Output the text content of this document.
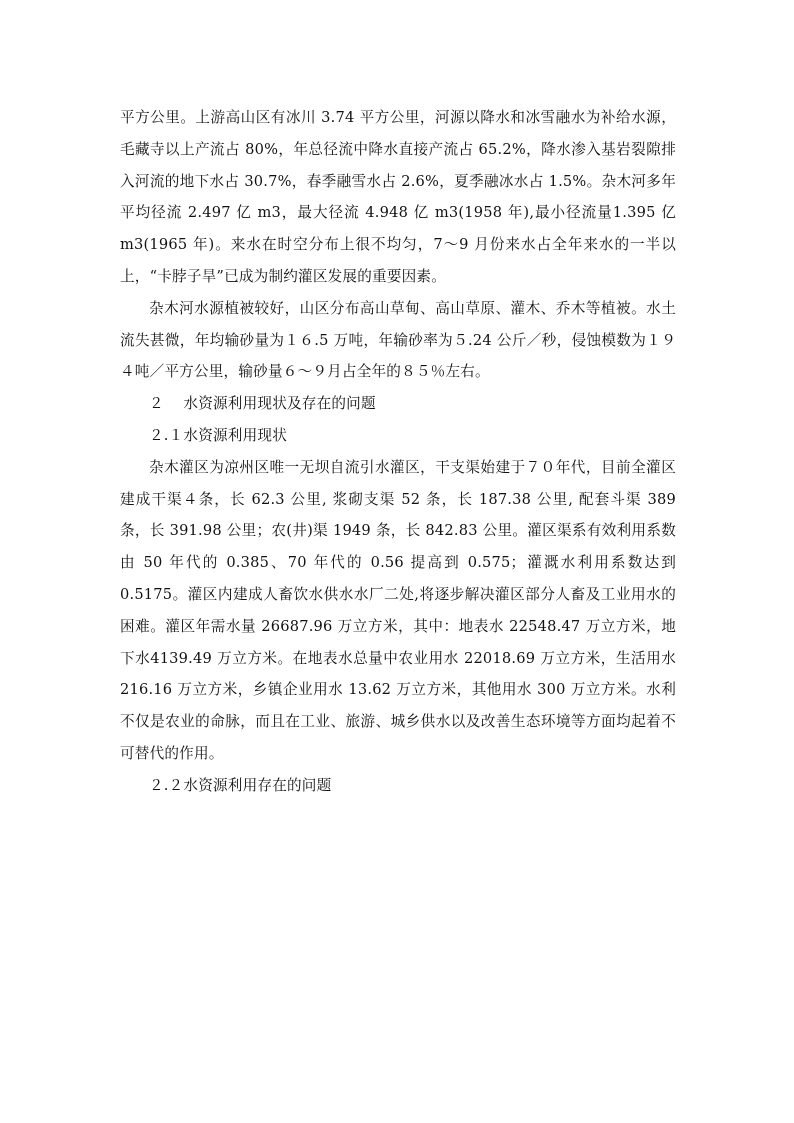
平方公里。上游高山区有冰川 3.74 平方公里，河源以降水和冰雪融水为补给水源，毛藏寺以上产流占 80%，年总径流中降水直接产流占 65.2%，降水渗入基岩裂隙排入河流的地下水占 30.7%，春季融雪水占 2.6%，夏季融冰水占 1.5%。杂木河多年平均径流 2.497 亿 m3，最大径流 4.948 亿 m3(1958 年),最小径流量1.395 亿 m3(1965 年)。来水在时空分布上很不均匀，7～9 月份来水占全年来水的一半以上，“卡脖子旱”已成为制约灌区发展的重要因素。

杂木河水源植被较好，山区分布高山草甸、高山草原、灌木、乔木等植被。水土流失甚微，年均输砂量为１６.5 万吨，年输砂率为５.24 公斤／秒，侵蚀模数为１９４吨／平方公里，输砂量６～９月占全年的８５％左右。

２　 水资源利用现状及存在的问题

２.１水资源利用现状

杂木灌区为凉州区唯一无坝自流引水灌区，干支渠始建于７０年代，目前全灌区建成干渠４条，长 62.3 公里, 浆砌支渠 52 条，长 187.38 公里, 配套斗渠 389条，长 391.98 公里；农(井)渠 1949 条，长 842.83 公里。灌区渠系有效利用系数由 50 年代的 0.385、70 年代的 0.56 提高到 0.575；灌溉水利用系数达到 0.5175。灌区内建成人畜饮水供水水厂二处,将逐步解决灌区部分人畜及工业用水的困难。灌区年需水量 26687.96 万立方米，其中：地表水 22548.47 万立方米，地下水4139.49 万立方米。在地表水总量中农业用水 22018.69 万立方米，生活用水216.16 万立方米，乡镇企业用水 13.62 万立方米，其他用水 300 万立方米。水利不仅是农业的命脉，而且在工业、旅游、城乡供水以及改善生态环境等方面均起着不可替代的作用。

２.２水资源利用存在的问题
